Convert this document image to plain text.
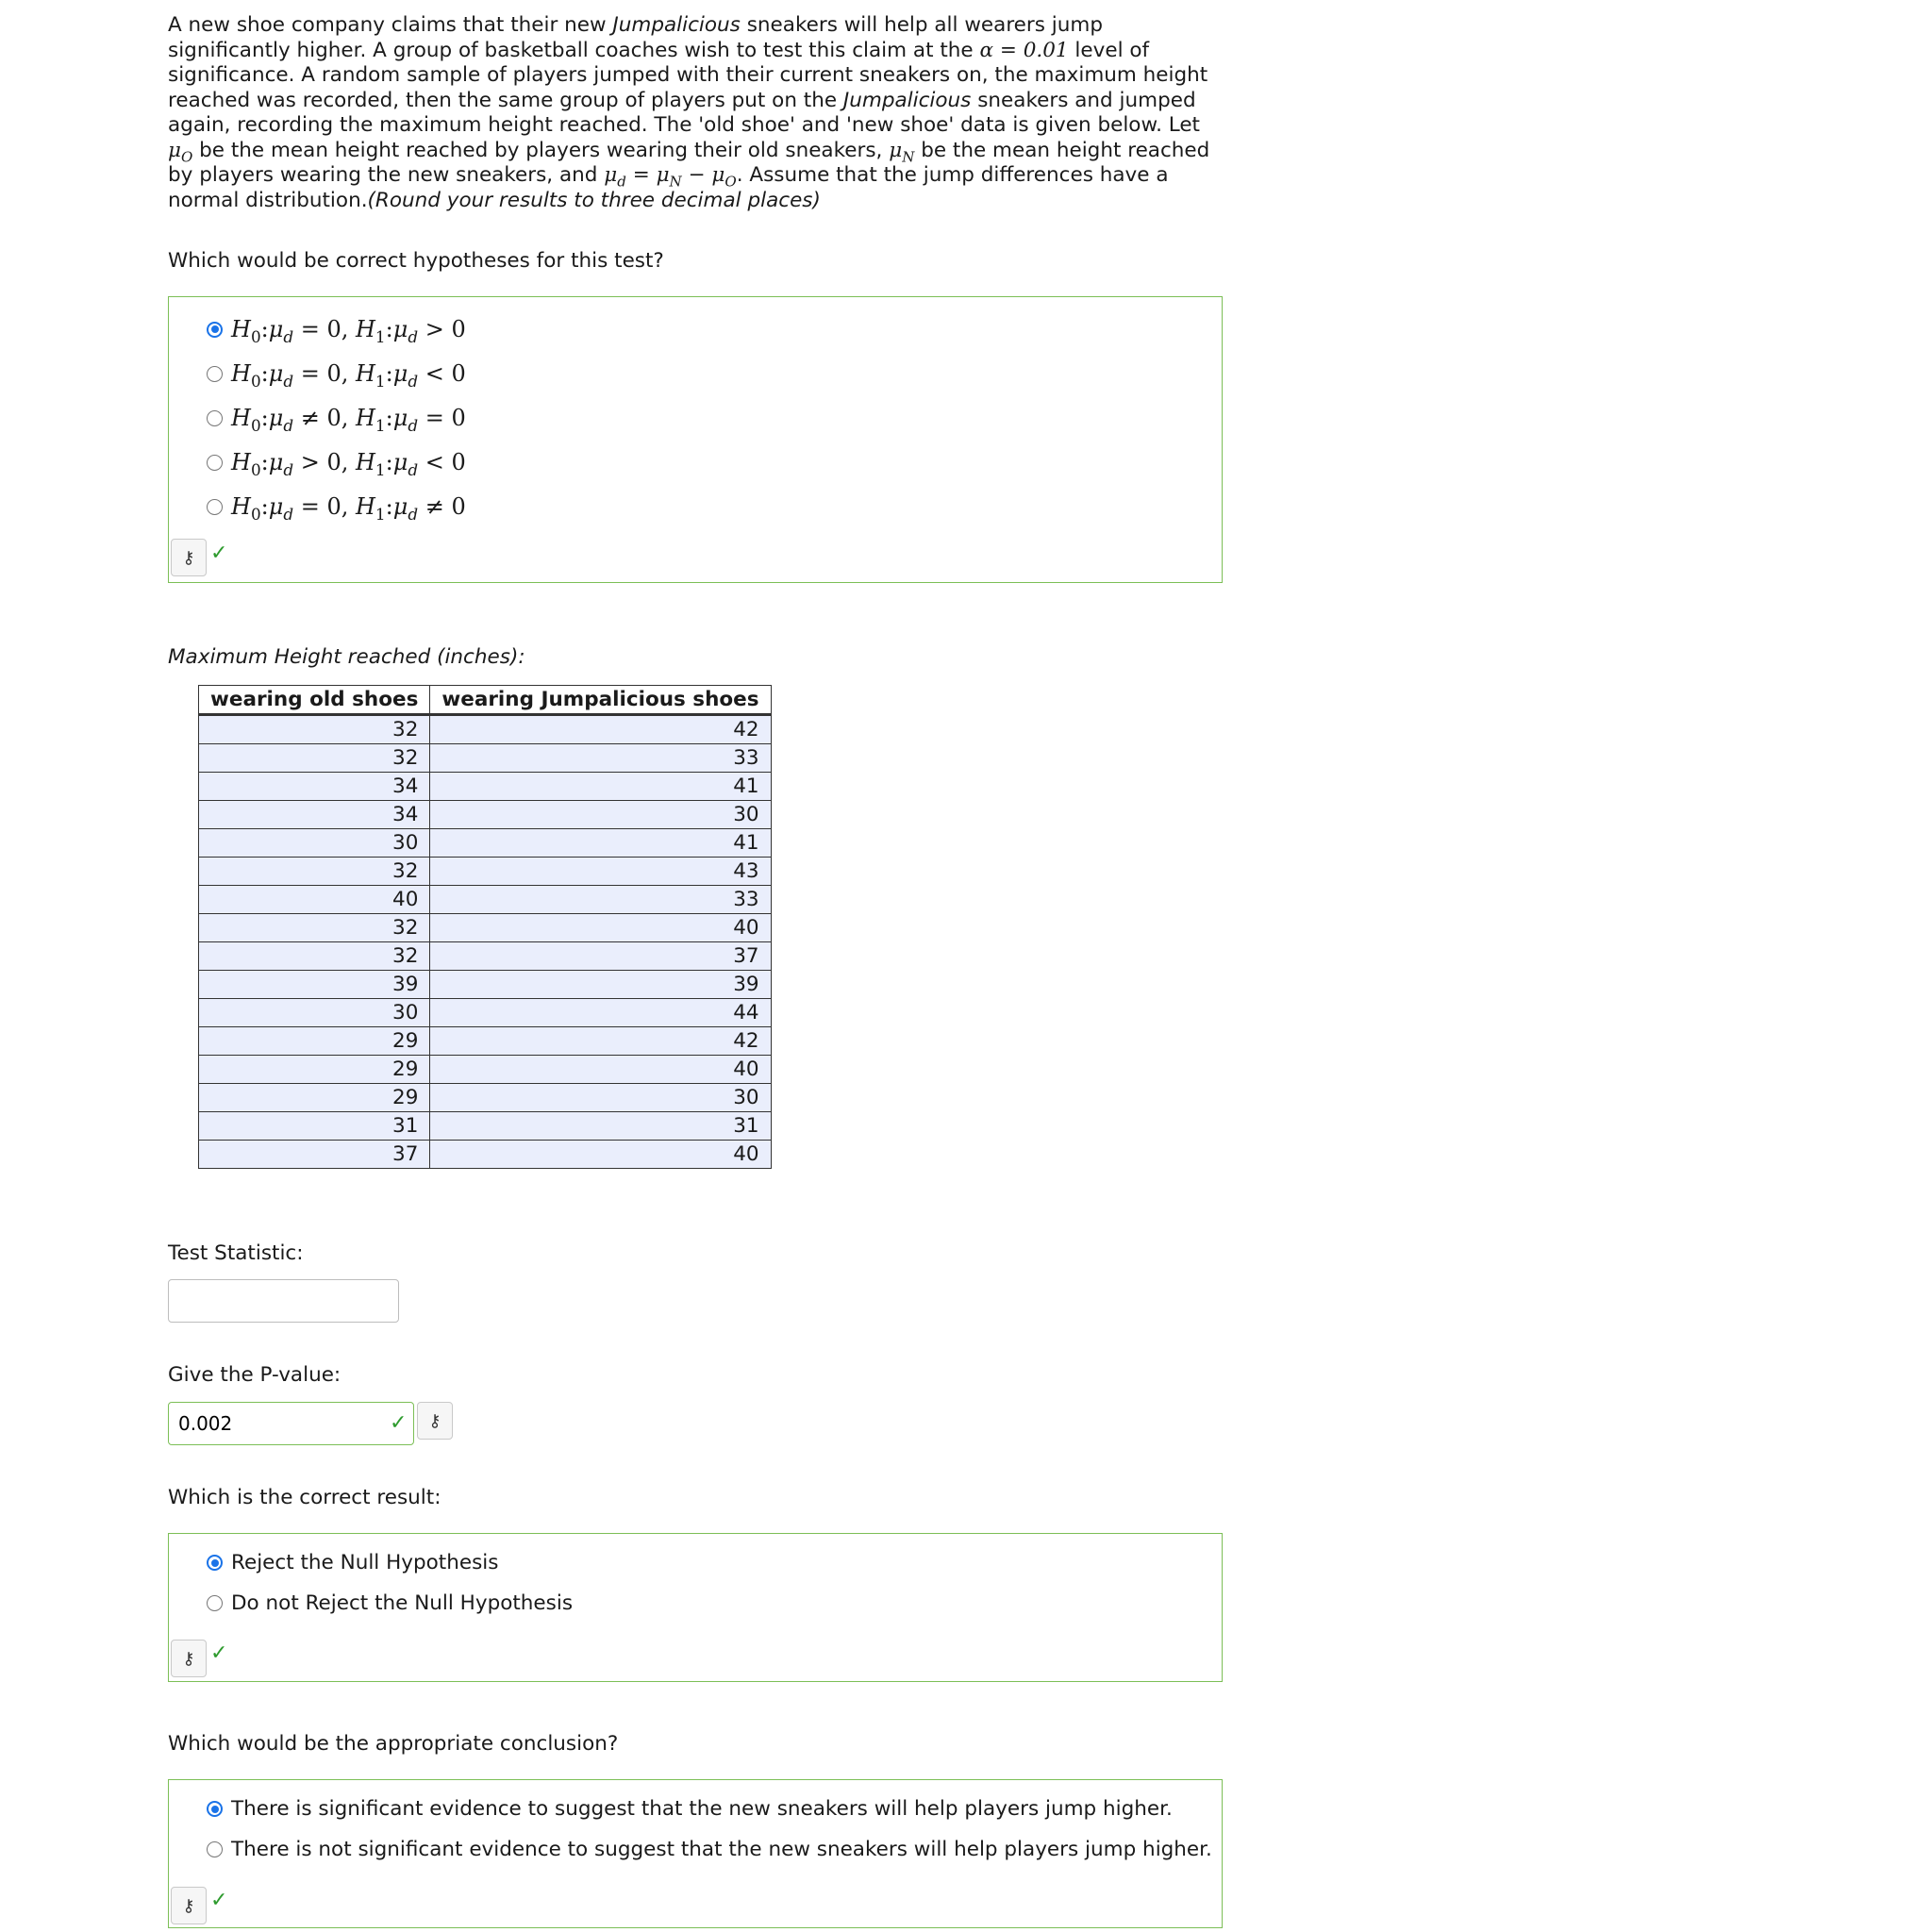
A new shoe company claims that their new Jumpalicious sneakers will help all wearers jump significantly higher. A group of basketball coaches wish to test this claim at the α = 0.01 level of significance. A random sample of players jumped with their current sneakers on, the maximum height reached was recorded, then the same group of players put on the Jumpalicious sneakers and jumped again, recording the maximum height reached. The 'old shoe' and 'new shoe' data is given below. Let $\mu_O$ be the mean height reached by players wearing their old sneakers, $\mu_N$ be the mean height reached by players wearing the new sneakers, and $\mu_d = \mu_N - \mu_O$. Assume that the jump differences have a normal distribution.(Round your results to three decimal places)

Which would be correct hypotheses for this test?

$H_0:\mu_d = 0$, $H_1:\mu_d > 0$
$H_0:\mu_d = 0$, $H_1:\mu_d < 0$
$H_0:\mu_d \ne 0$, $H_1:\mu_d = 0$
$H_0:\mu_d > 0$, $H_1:\mu_d < 0$
$H_0:\mu_d = 0$, $H_1:\mu_d \ne 0$
⚷ ✓

Maximum Height reached (inches):

wearing old shoes	wearing Jumpalicious shoes
32	42
32	33
34	41
34	30
30	41
32	43
40	33
32	40
32	37
39	39
30	44
29	42
29	40
29	30
31	31
37	40

Test Statistic:

Give the P-value:

0.002
✓	⚷

Which is the correct result:

Reject the Null Hypothesis
Do not Reject the Null Hypothesis
⚷ ✓

Which would be the appropriate conclusion?

There is significant evidence to suggest that the new sneakers will help players jump higher.
There is not significant evidence to suggest that the new sneakers will help players jump higher.
⚷ ✓
